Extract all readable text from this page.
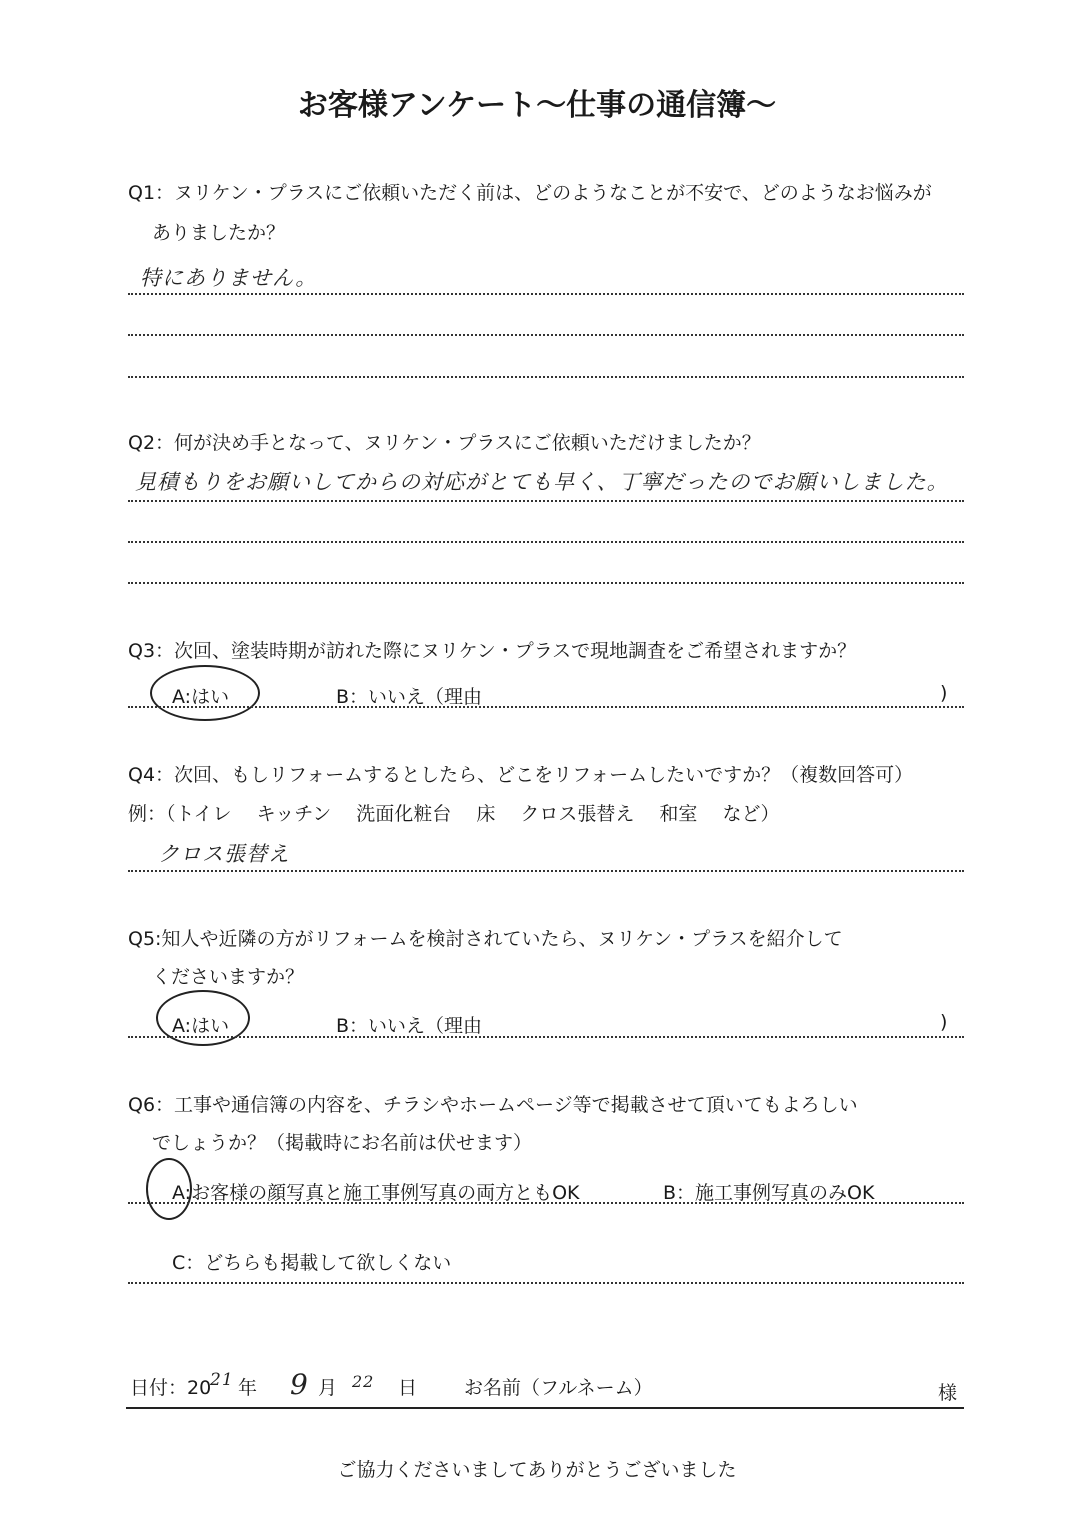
お客様アンケート〜仕事の通信簿〜
Q1：ヌリケン・プラスにご依頼いただく前は、どのようなことが不安で、どのようなお悩みが
ありましたか？
特にありません。
Q2：何が決め手となって、ヌリケン・プラスにご依頼いただけましたか？
見積もりをお願いしてからの対応がとても早く、丁寧だったのでお願いしました。
Q3：次回、塗装時期が訪れた際にヌリケン・プラスで現地調査をご希望されますか？
A:はい	B：いいえ（理由	)
Q4：次回、もしリフォームするとしたら、どこをリフォームしたいですか？（複数回答可）
例：（トイレ　 キッチン　 洗面化粧台　 床　 クロス張替え　 和室　 など）
クロス張替え
Q5:知人や近隣の方がリフォームを検討されていたら、ヌリケン・プラスを紹介して
くださいますか？
A:はい	B：いいえ（理由	)
Q6：工事や通信簿の内容を、チラシやホームページ等で掲載させて頂いてもよろしい
でしょうか？（掲載時にお名前は伏せます）
A:お客様の顔写真と施工事例写真の両方ともOK	B：施工事例写真のみOK
C：どちらも掲載して欲しくない
日付：20
21 年 9 月 22 日 お名前（フルネーム）	様
ご協力くださいましてありがとうございました
